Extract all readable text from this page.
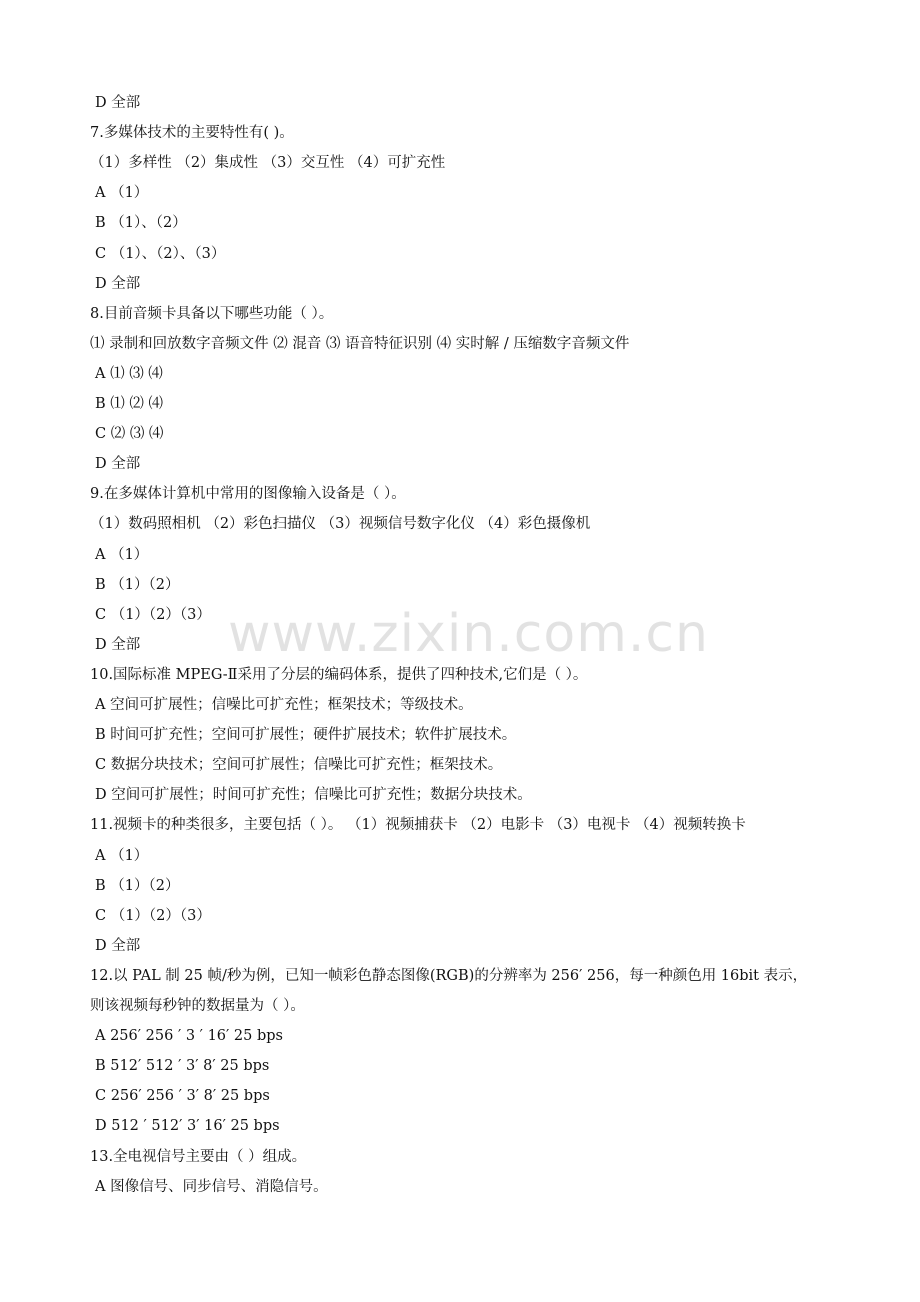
www.zixin.com.cn
D 全部
7.多媒体技术的主要特性有( )。
（1）多样性 （2）集成性 （3）交互性 （4）可扩充性
A （1）
B （1）、（2）
C （1）、（2）、（3）
D 全部
8.目前音频卡具备以下哪些功能（ ）。
⑴ 录制和回放数字音频文件 ⑵ 混音 ⑶ 语音特征识别 ⑷ 实时解 / 压缩数字音频文件
A ⑴ ⑶ ⑷
B ⑴ ⑵ ⑷
C ⑵ ⑶ ⑷
D 全部
9.在多媒体计算机中常用的图像输入设备是（ ）。
（1）数码照相机 （2）彩色扫描仪 （3）视频信号数字化仪 （4）彩色摄像机
A （1）
B （1）（2）
C （1）（2）（3）
D 全部
10.国际标准 MPEG-Ⅱ采用了分层的编码体系，提供了四种技术,它们是（ ）。
A 空间可扩展性；信噪比可扩充性；框架技术；等级技术。
B 时间可扩充性；空间可扩展性；硬件扩展技术；软件扩展技术。
C 数据分块技术；空间可扩展性；信噪比可扩充性；框架技术。
D 空间可扩展性；时间可扩充性；信噪比可扩充性；数据分块技术。
11.视频卡的种类很多，主要包括（ ）。 （1）视频捕获卡 （2）电影卡 （3）电视卡 （4）视频转换卡
A （1）
B （1）（2）
C （1）（2）（3）
D 全部
12.以 PAL 制 25 帧/秒为例，已知一帧彩色静态图像(RGB)的分辨率为 256′ 256，每一种颜色用 16bit 表示，
则该视频每秒钟的数据量为（ ）。
A 256′ 256 ′ 3 ′ 16′ 25 bps
B 512′ 512 ′ 3′ 8′ 25 bps
C 256′ 256 ′ 3′ 8′ 25 bps
D 512 ′ 512′ 3′ 16′ 25 bps
13.全电视信号主要由（ ）组成。
A 图像信号、同步信号、消隐信号。
